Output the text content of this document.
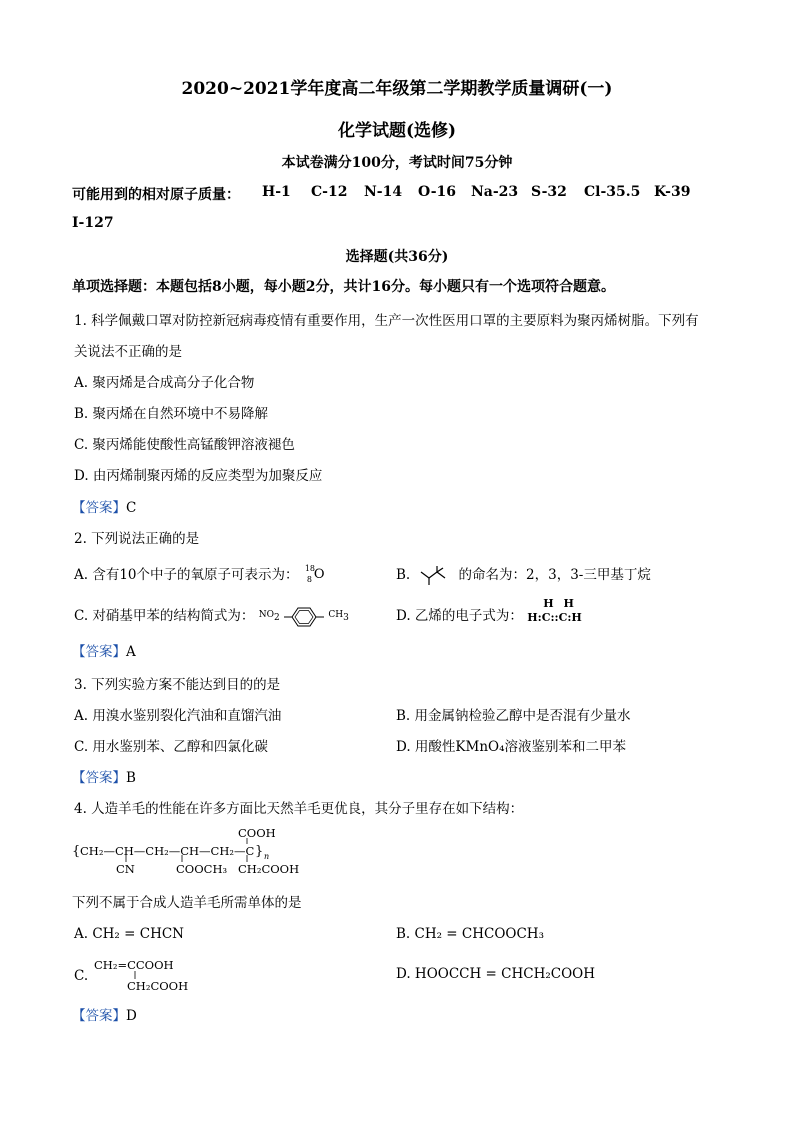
2020~2021学年度高二年级第二学期教学质量调研(一)
化学试题(选修)
本试卷满分100分，考试时间75分钟
可能用到的相对原子质量： H-1 C-12 N-14 O-16 Na-23 S-32 Cl-35.5 K-39
I-127
选择题(共36分)
单项选择题：本题包括8小题，每小题2分，共计16分。每小题只有一个选项符合题意。
1. 科学佩戴口罩对防控新冠病毒疫情有重要作用，生产一次性医用口罩的主要原料为聚丙烯树脂。下列有
关说法不正确的是
A. 聚丙烯是合成高分子化合物
B. 聚丙烯在自然环境中不易降解
C. 聚丙烯能使酸性高锰酸钾溶液褪色
D. 由丙烯制聚丙烯的反应类型为加聚反应
【答案】C
2. 下列说法正确的是
A. 含有10个中子的氧原子可表示为： 18
8 O	B.	的命名为：2，3，3-三甲基丁烷
C. 对硝基甲苯的结构简式为： $NO_2$	$CH_3$	D. 乙烯的电子式为：
H H
H:C::C:H
【答案】A
3. 下列实验方案不能达到目的的是
A. 用溴水鉴别裂化汽油和直馏汽油	B. 用金属钠检验乙醇中是否混有少量水
C. 用水鉴别苯、乙醇和四氯化碳	D. 用酸性KMnO₄溶液鉴别苯和二甲苯
【答案】B
4. 人造羊毛的性能在许多方面比天然羊毛更优良，其分子里存在如下结构：
COOH
{ CH₂—CH—CH₂—CH—CH₂—C } n
CN	COOCH₃ CH₂COOH
下列不属于合成人造羊毛所需单体的是
A. CH₂ = CHCN	B. CH₂ = CHCOOCH₃
C.
CH₂=CCOOH
CH₂COOH
D. HOOCCH = CHCH₂COOH
【答案】D
